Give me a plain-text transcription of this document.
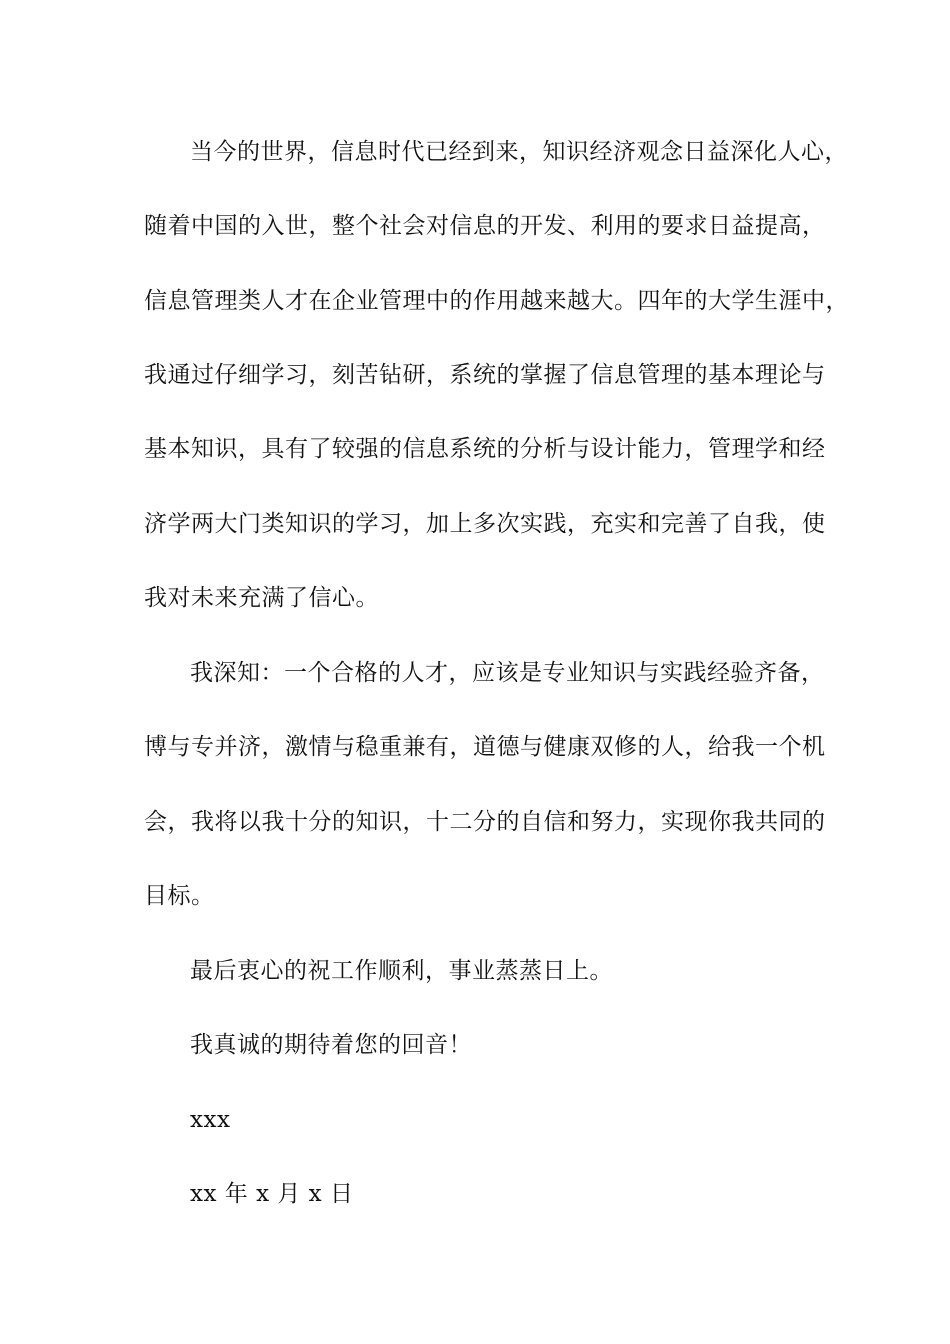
当今的世界，信息时代已经到来，知识经济观念日益深化人心，
随着中国的入世，整个社会对信息的开发、利用的要求日益提高，
信息管理类人才在企业管理中的作用越来越大。四年的大学生涯中，
我通过仔细学习，刻苦钻研，系统的掌握了信息管理的基本理论与
基本知识，具有了较强的信息系统的分析与设计能力，管理学和经
济学两大门类知识的学习，加上多次实践，充实和完善了自我，使
我对未来充满了信心。
我深知：一个合格的人才，应该是专业知识与实践经验齐备，
博与专并济，激情与稳重兼有，道德与健康双修的人，给我一个机
会，我将以我十分的知识，十二分的自信和努力，实现你我共同的
目标。
最后衷心的祝工作顺利，事业蒸蒸日上。
我真诚的期待着您的回音！
xxx
xx 年 x 月 x 日
